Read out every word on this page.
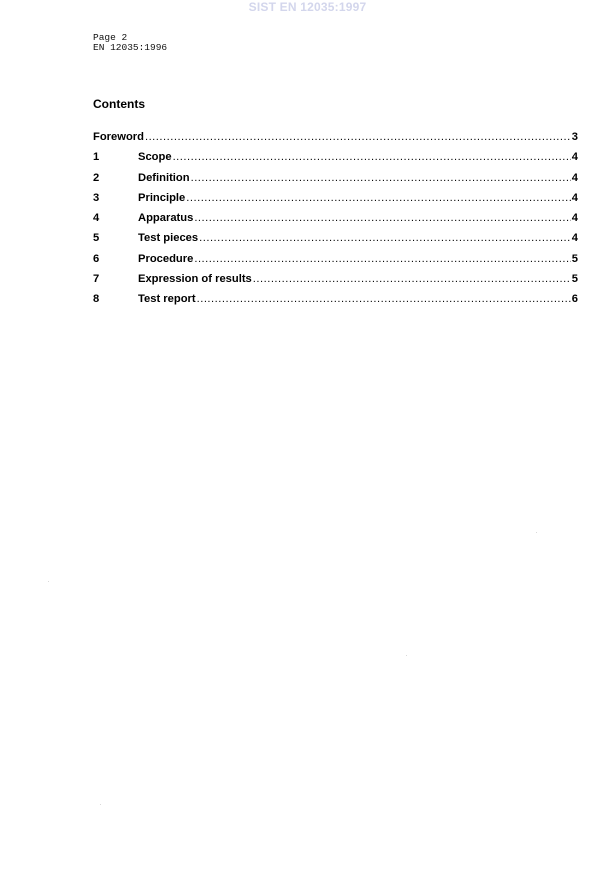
SIST EN 12035:1997
Page 2
EN 12035:1996
Contents
Foreword .....	3
1	Scope .....	4
2	Definition .....	4
3	Principle .....	4
4	Apparatus .....	4
5	Test pieces .....	4
6	Procedure .....	5
7	Expression of results .....	5
8	Test report .....	6
